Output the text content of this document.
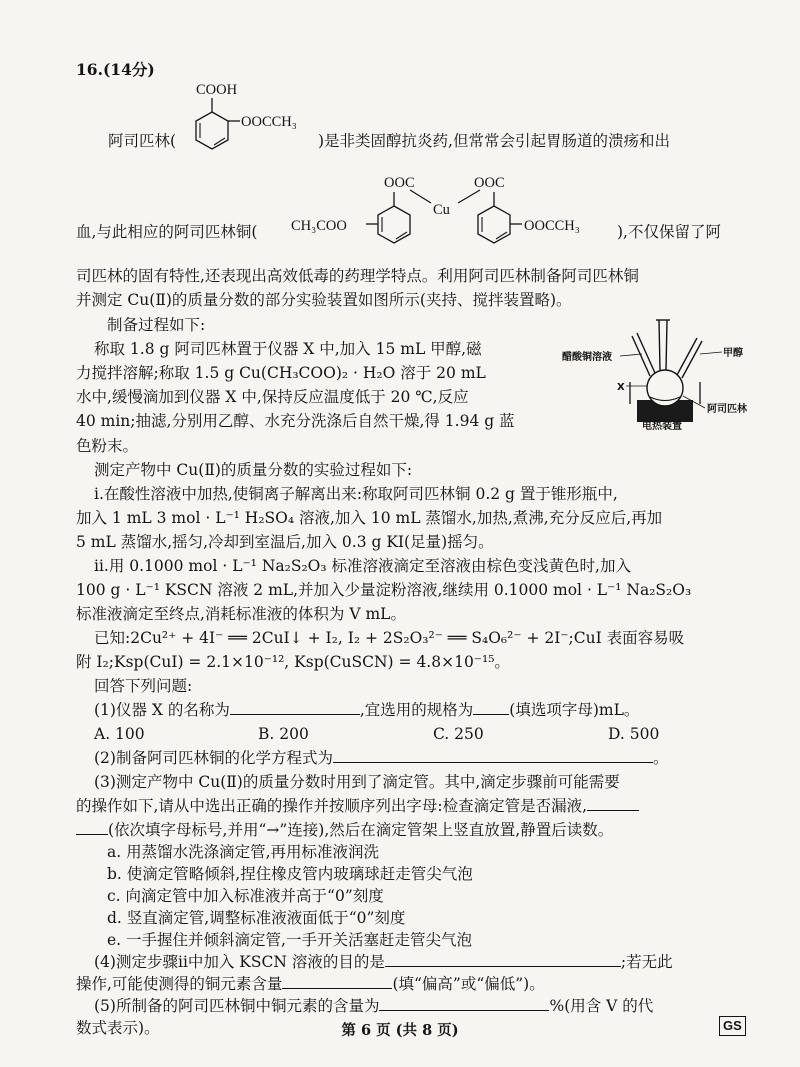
16.(14分)
COOH
OOCCH₃
阿司匹林(	)是非类固醇抗炎药,但常常会引起胃肠道的溃疡和出
OOC	OOC
Cu
CH₃COO	OOCCH₃
血,与此相应的阿司匹林铜(	),不仅保留了阿
司匹林的固有特性,还表现出高效低毒的药理学特点。利用阿司匹林制备阿司匹林铜
并测定 Cu(Ⅱ)的质量分数的部分实验装置如图所示(夹持、搅拌装置略)。
制备过程如下:
称取 1.8 g 阿司匹林置于仪器 X 中,加入 15 mL 甲醇,磁
力搅拌溶解;称取 1.5 g Cu(CH₃COO)₂ · H₂O 溶于 20 mL
水中,缓慢滴加到仪器 X 中,保持反应温度低于 20 ℃,反应
40 min;抽滤,分别用乙醇、水充分洗涤后自然干燥,得 1.94 g 蓝
色粉末。
醋酸铜溶液	甲醇
X
阿司匹林
电热装置
测定产物中 Cu(Ⅱ)的质量分数的实验过程如下:
ⅰ.在酸性溶液中加热,使铜离子解离出来:称取阿司匹林铜 0.2 g 置于锥形瓶中,
加入 1 mL 3 mol · L⁻¹ H₂SO₄ 溶液,加入 10 mL 蒸馏水,加热,煮沸,充分反应后,再加
5 mL 蒸馏水,摇匀,冷却到室温后,加入 0.3 g KI(足量)摇匀。
ⅱ.用 0.1000 mol · L⁻¹ Na₂S₂O₃ 标准溶液滴定至溶液由棕色变浅黄色时,加入
100 g · L⁻¹ KSCN 溶液 2 mL,并加入少量淀粉溶液,继续用 0.1000 mol · L⁻¹ Na₂S₂O₃
标准液滴定至终点,消耗标准液的体积为 V mL。
已知:2Cu²⁺ + 4I⁻ ══ 2CuI↓ + I₂, I₂ + 2S₂O₃²⁻ ══ S₄O₆²⁻ + 2I⁻;CuI 表面容易吸
附 I₂;Ksp(CuI) = 2.1×10⁻¹², Ksp(CuSCN) = 4.8×10⁻¹⁵。
回答下列问题:
(1)仪器 X 的名称为	,宜选用的规格为 (填选项字母)mL。
A. 100	B. 200	C. 250	D. 500
(2)制备阿司匹林铜的化学方程式为	。
(3)测定产物中 Cu(Ⅱ)的质量分数时用到了滴定管。其中,滴定步骤前可能需要
的操作如下,请从中选出正确的操作并按顺序列出字母:检查滴定管是否漏液,
(依次填字母标号,并用“→”连接),然后在滴定管架上竖直放置,静置后读数。
a. 用蒸馏水洗涤滴定管,再用标准液润洗
b. 使滴定管略倾斜,捏住橡皮管内玻璃球赶走管尖气泡
c. 向滴定管中加入标准液并高于“0”刻度
d. 竖直滴定管,调整标准液液面低于“0”刻度
e. 一手握住并倾斜滴定管,一手开关活塞赶走管尖气泡
(4)测定步骤ⅱ中加入 KSCN 溶液的目的是	;若无此
操作,可能使测得的铜元素含量	(填“偏高”或“偏低”)。
第 6 页 (共 8 页)	GS
(5)所制备的阿司匹林铜中铜元素的含量为	%(用含 V 的代
数式表示)。
